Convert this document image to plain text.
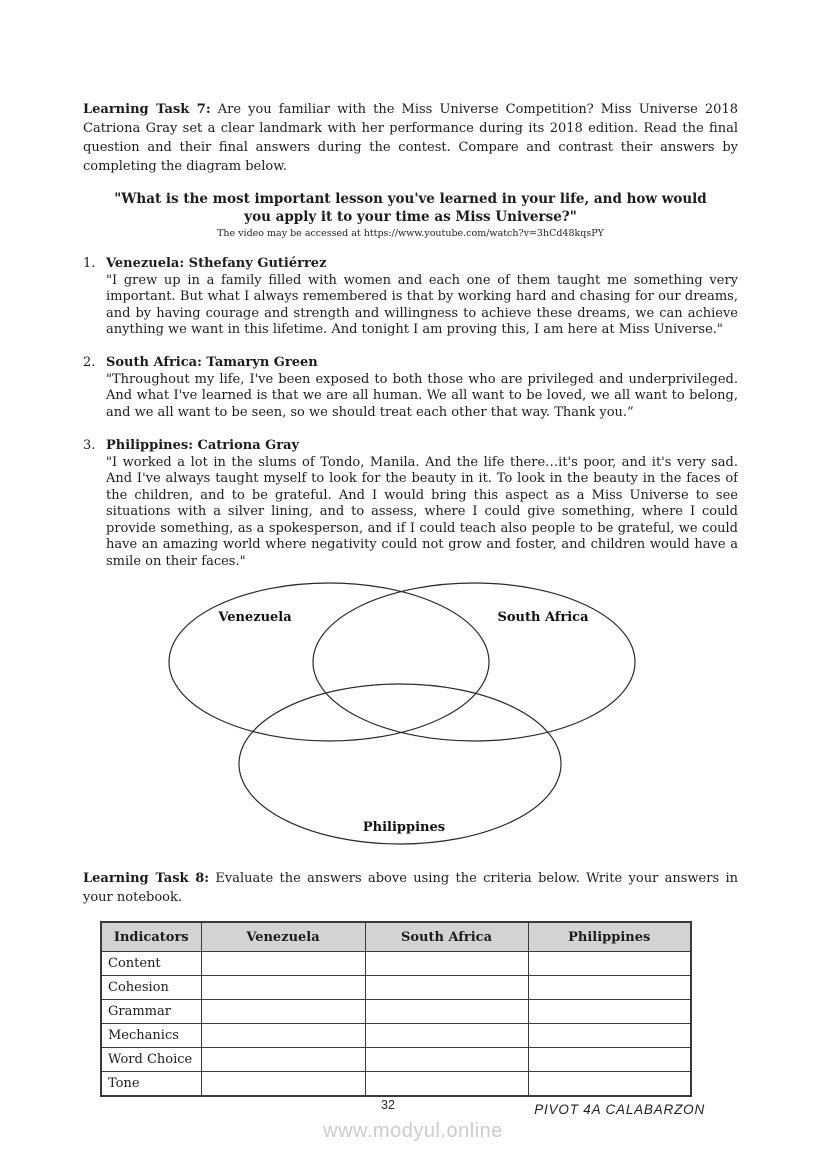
Learning Task 7: Are you familiar with the Miss Universe Competition? Miss Universe 2018 Catriona Gray set a clear landmark with her performance during its 2018 edition. Read the final question and their final answers during the contest. Compare and contrast their answers by completing the diagram below.

"What is the most important lesson you've learned in your life, and how would you apply it to your time as Miss Universe?"
The video may be accessed at https://www.youtube.com/watch?v=3hCd48kqsPY
1. Venezuela: Sthefany Gutiérrez
"I grew up in a family filled with women and each one of them taught me something very important. But what I always remembered is that by working hard and chasing for our dreams, and by having courage and strength and willingness to achieve these dreams, we can achieve anything we want in this lifetime. And tonight I am proving this, I am here at Miss Universe."
2. South Africa: Tamaryn Green
"Throughout my life, I've been exposed to both those who are privileged and underprivileged. And what I've learned is that we are all human. We all want to be loved, we all want to belong, and we all want to be seen, so we should treat each other that way. Thank you.”
3. Philippines: Catriona Gray
"I worked a lot in the slums of Tondo, Manila. And the life there…it's poor, and it's very sad. And I've always taught myself to look for the beauty in it. To look in the beauty in the faces of the children, and to be grateful. And I would bring this aspect as a Miss Universe to see situations with a silver lining, and to assess, where I could give something, where I could provide something, as a spokesperson, and if I could teach also people to be grateful, we could have an amazing world where negativity could not grow and foster, and children would have a smile on their faces."
Venezuela	South Africa
Philippines

Learning Task 8: Evaluate the answers above using the criteria below. Write your answers in your notebook.

Indicators	Venezuela	South Africa	Philippines
Content			
Cohesion			
Grammar			
Mechanics			
Word Choice			
Tone			
PIVOT 4A CALABARZON
32
www.modyul.online
